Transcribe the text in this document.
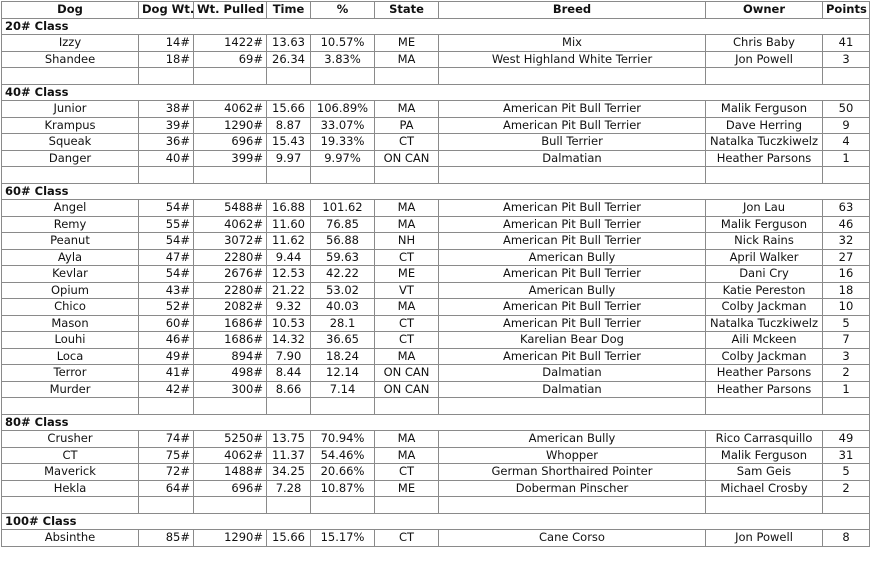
Dog	Dog Wt.	Wt. Pulled	Time	%	State	Breed	Owner	Points
20# Class								
Izzy	14#	1422#	13.63	10.57%	ME	Mix	Chris Baby	41
Shandee	18#	69#	26.34	3.83%	MA	West Highland White Terrier	Jon Powell	3

40# Class								
Junior	38#	4062#	15.66	106.89%	MA	American Pit Bull Terrier	Malik Ferguson	50
Krampus	39#	1290#	8.87	33.07%	PA	American Pit Bull Terrier	Dave Herring	9
Squeak	36#	696#	15.43	19.33%	CT	Bull Terrier	Natalka Tuczkiwelz	4
Danger	40#	399#	9.97	9.97%	ON CAN	Dalmatian	Heather Parsons	1

60# Class								
Angel	54#	5488#	16.88	101.62	MA	American Pit Bull Terrier	Jon Lau	63
Remy	55#	4062#	11.60	76.85	MA	American Pit Bull Terrier	Malik Ferguson	46
Peanut	54#	3072#	11.62	56.88	NH	American Pit Bull Terrier	Nick Rains	32
Ayla	47#	2280#	9.44	59.63	CT	American Bully	April Walker	27
Kevlar	54#	2676#	12.53	42.22	ME	American Pit Bull Terrier	Dani Cry	16
Opium	43#	2280#	21.22	53.02	VT	American Bully	Katie Pereston	18
Chico	52#	2082#	9.32	40.03	MA	American Pit Bull Terrier	Colby Jackman	10
Mason	60#	1686#	10.53	28.1	CT	American Pit Bull Terrier	Natalka Tuczkiwelz	5
Louhi	46#	1686#	14.32	36.65	CT	Karelian Bear Dog	Aili Mckeen	7
Loca	49#	894#	7.90	18.24	MA	American Pit Bull Terrier	Colby Jackman	3
Terror	41#	498#	8.44	12.14	ON CAN	Dalmatian	Heather Parsons	2
Murder	42#	300#	8.66	7.14	ON CAN	Dalmatian	Heather Parsons	1

80# Class								
Crusher	74#	5250#	13.75	70.94%	MA	American Bully	Rico Carrasquillo	49
CT	75#	4062#	11.37	54.46%	MA	Whopper	Malik Ferguson	31
Maverick	72#	1488#	34.25	20.66%	CT	German Shorthaired Pointer	Sam Geis	5
Hekla	64#	696#	7.28	10.87%	ME	Doberman Pinscher	Michael Crosby	2

100# Class								
Absinthe	85#	1290#	15.66	15.17%	CT	Cane Corso	Jon Powell	8
